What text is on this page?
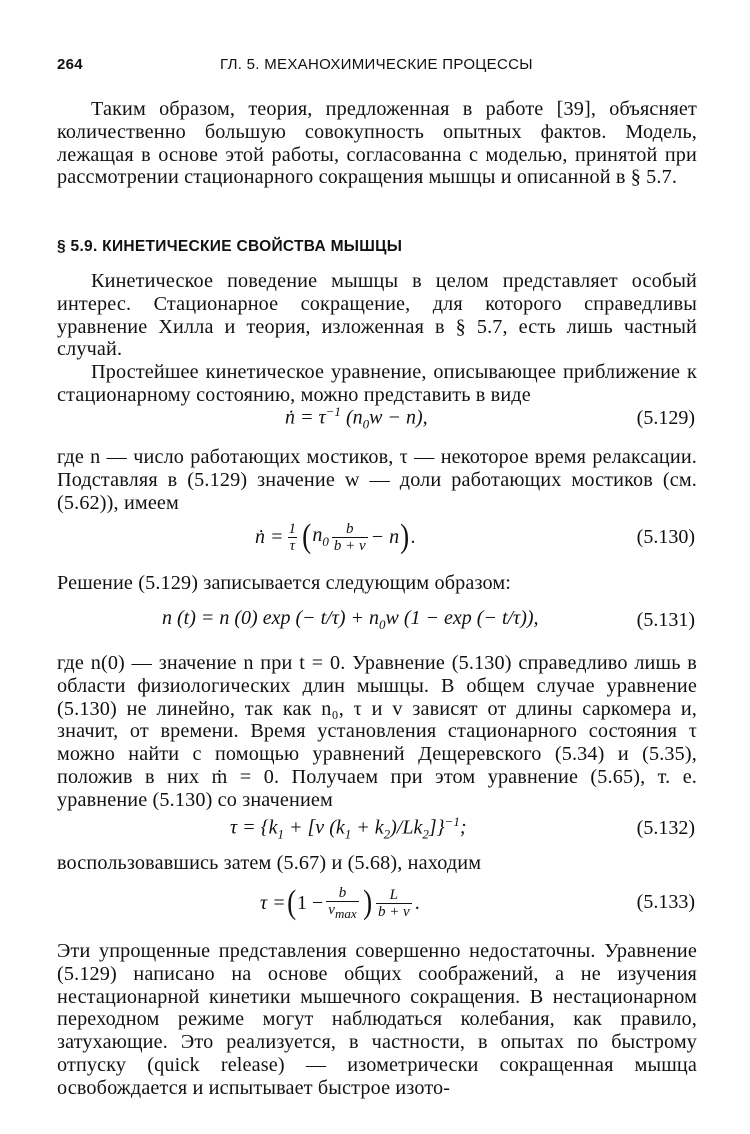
264	ГЛ. 5. МЕХАНОХИМИЧЕСКИЕ ПРОЦЕССЫ

Таким образом, теория, предложенная в работе [39], объясняет количественно большую совокупность опытных фактов. Модель, лежащая в основе этой работы, согласованна с моделью, принятой при рассмотрении стационарного сокращения мышцы и описанной в § 5.7.

§ 5.9. КИНЕТИЧЕСКИЕ СВОЙСТВА МЫШЦЫ

Кинетическое поведение мышцы в целом представляет особый интерес. Стационарное сокращение, для которого справедливы уравнение Хилла и теория, изложенная в § 5.7, есть лишь частный случай.

Простейшее кинетическое уравнение, описывающее приближение к стационарному состоянию, можно представить в виде

ṅ = $\tau^{-1}$ $(n_0w - n)$,	(5.129)

где n — число работающих мостиков, τ — некоторое время релаксации. Подставляя в (5.129) значение w — доли работающих мостиков (см. (5.62)), имеем

ṅ = $\frac{1}{\tau}$ ( $n_0 \frac{b}{b + v} - n$ ) .	(5.130)

Решение (5.129) записывается следующим образом:

n (t) = n (0) exp (− $t/\tau) + n_0w$ (1 − exp (− t/τ)),	(5.131)

где n(0) — значение n при t = 0. Уравнение (5.130) справедливо лишь в области физиологических длин мышцы. В общем случае уравнение (5.130) не линейно, так как n₀, τ и v зависят от длины саркомера и, значит, от времени. Время установления стационарного состояния τ можно найти с помощью уравнений Дещеревского (5.34) и (5.35), положив в них ṁ = 0. Получаем при этом уравнение (5.65), т. е. уравнение (5.130) со значением

$\tau = \{k_1 + [v$ $(k_1 + k_2)/Lk_2]\}^{-1}$;	(5.132)

воспользовавшись затем (5.67) и (5.68), находим

τ = ( $1 - \frac{b}{v_{max}}$ ) $\frac{L}{b + v}$ .	(5.133)

Эти упрощенные представления совершенно недостаточны. Уравнение (5.129) написано на основе общих соображений, а не изучения нестационарной кинетики мышечного сокращения. В нестационарном переходном режиме могут наблюдаться колебания, как правило, затухающие. Это реализуется, в частности, в опытах по быстрому отпуску (quick release) — изометрически сокращенная мышца освобождается и испытывает быстрое изото-
